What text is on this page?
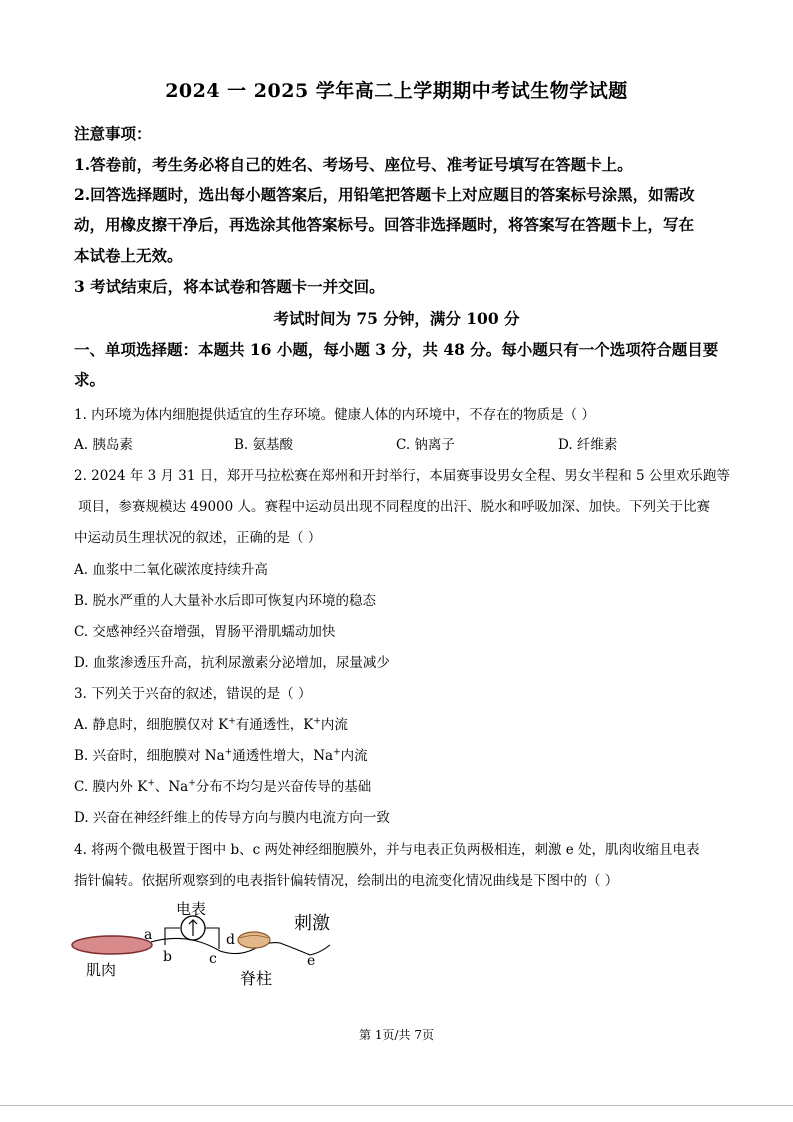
2024 一 2025 学年高二上学期期中考试生物学试题
注意事项：
1.答卷前，考生务必将自己的姓名、考场号、座位号、准考证号填写在答题卡上。
2.回答选择题时，选出每小题答案后，用铅笔把答题卡上对应题目的答案标号涂黑，如需改
动，用橡皮擦干净后，再选涂其他答案标号。回答非选择题时，将答案写在答题卡上，写在
本试卷上无效。
3 考试结束后，将本试卷和答题卡一并交回。
考试时间为 75 分钟，满分 100 分
一、单项选择题：本题共 16 小题，每小题 3 分，共 48 分。每小题只有一个选项符合题目要
求。
1. 内环境为体内细胞提供适宜的生存环境。健康人体的内环境中，不存在的物质是（ ）
A. 胰岛素	B. 氨基酸	C. 钠离子	D. 纤维素
2. 2024 年 3 月 31 日，郑开马拉松赛在郑州和开封举行，本届赛事设男女全程、男女半程和 5 公里欢乐跑等
项目，参赛规模达 49000 人。赛程中运动员出现不同程度的出汗、脱水和呼吸加深、加快。下列关于比赛
中运动员生理状况的叙述，正确的是（ ）
A. 血浆中二氧化碳浓度持续升高
B. 脱水严重的人大量补水后即可恢复内环境的稳态
C. 交感神经兴奋增强，胃肠平滑肌蠕动加快
D. 血浆渗透压升高，抗利尿激素分泌增加，尿量减少
3. 下列关于兴奋的叙述，错误的是（ ）
A. 静息时，细胞膜仅对 K+有通透性，K+内流
B. 兴奋时，细胞膜对 Na+通透性增大，Na+内流
C. 膜内外 K+、Na+分布不均匀是兴奋传导的基础
D. 兴奋在神经纤维上的传导方向与膜内电流方向一致
4. 将两个微电极置于图中 b、c 两处神经细胞膜外，并与电表正负两极相连，刺激 e 处，肌肉收缩且电表
指针偏转。依据所观察到的电表指针偏转情况，绘制出的电流变化情况曲线是下图中的（ ）
电表
刺激
肌肉	脊柱
a
b	c
d
e
第 1页/共 7页
